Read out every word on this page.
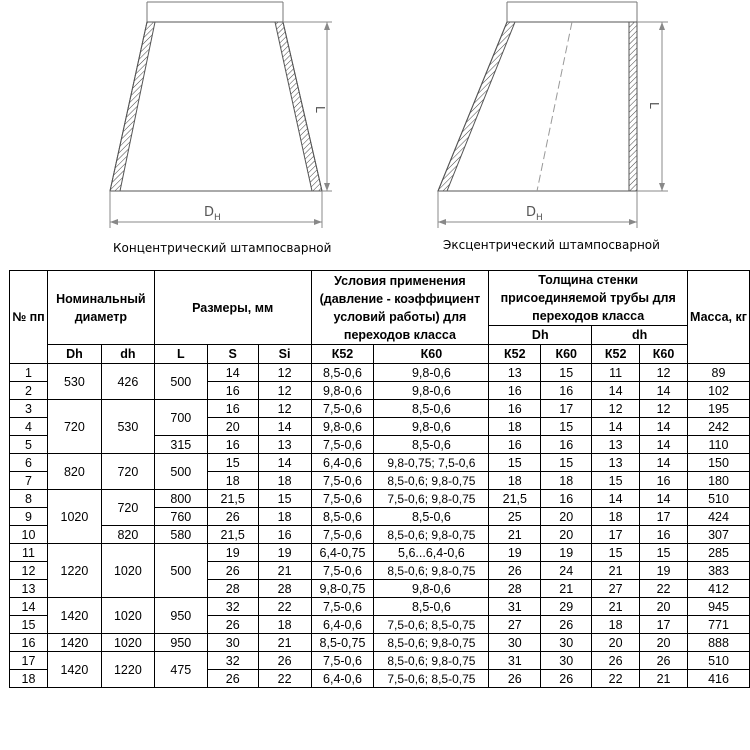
L
$D_Н$
L
$D_Н$
Концентрический штампосварной	Эксцентрический штампосварной
№ пп	Номинальный диаметр		Размеры, мм			Условия применения (давление - коэффициент условий работы) для переходов класса		Толщина стенки присоединяемой трубы для переходов класса				Масса, кг
								Dh		dh		
	Dh	dh	L	S	Si	К52	К60	К52	К60	К52	К60	
1	530	426	500	14	12	8,5-0,6	9,8-0,6	13	15	11	12	89
2				16	12	9,8-0,6	9,8-0,6	16	16	14	14	102
3	720	530	700	16	12	7,5-0,6	8,5-0,6	16	17	12	12	195
4				20	14	9,8-0,6	9,8-0,6	18	15	14	14	242
5			315	16	13	7,5-0,6	8,5-0,6	16	16	13	14	110
6	820	720	500	15	14	6,4-0,6	9,8-0,75; 7,5-0,6	15	15	13	14	150
7				18	18	7,5-0,6	8,5-0,6; 9,8-0,75	18	18	15	16	180
8	1020	720	800	21,5	15	7,5-0,6	7,5-0,6; 9,8-0,75	21,5	16	14	14	510
9			760	26	18	8,5-0,6	8,5-0,6	25	20	18	17	424
10		820	580	21,5	16	7,5-0,6	8,5-0,6; 9,8-0,75	21	20	17	16	307
11	1220	1020	500	19	19	6,4-0,75	5,6...6,4-0,6	19	19	15	15	285
12				26	21	7,5-0,6	8,5-0,6; 9,8-0,75	26	24	21	19	383
13				28	28	9,8-0,75	9,8-0,6	28	21	27	22	412
14	1420	1020	950	32	22	7,5-0,6	8,5-0,6	31	29	21	20	945
15				26	18	6,4-0,6	7,5-0,6; 8,5-0,75	27	26	18	17	771
16	1420	1020	950	30	21	8,5-0,75	8,5-0,6; 9,8-0,75	30	30	20	20	888
17	1420	1220	475	32	26	7,5-0,6	8,5-0,6; 9,8-0,75	31	30	26	26	510
18				26	22	6,4-0,6	7,5-0,6; 8,5-0,75	26	26	22	21	416
